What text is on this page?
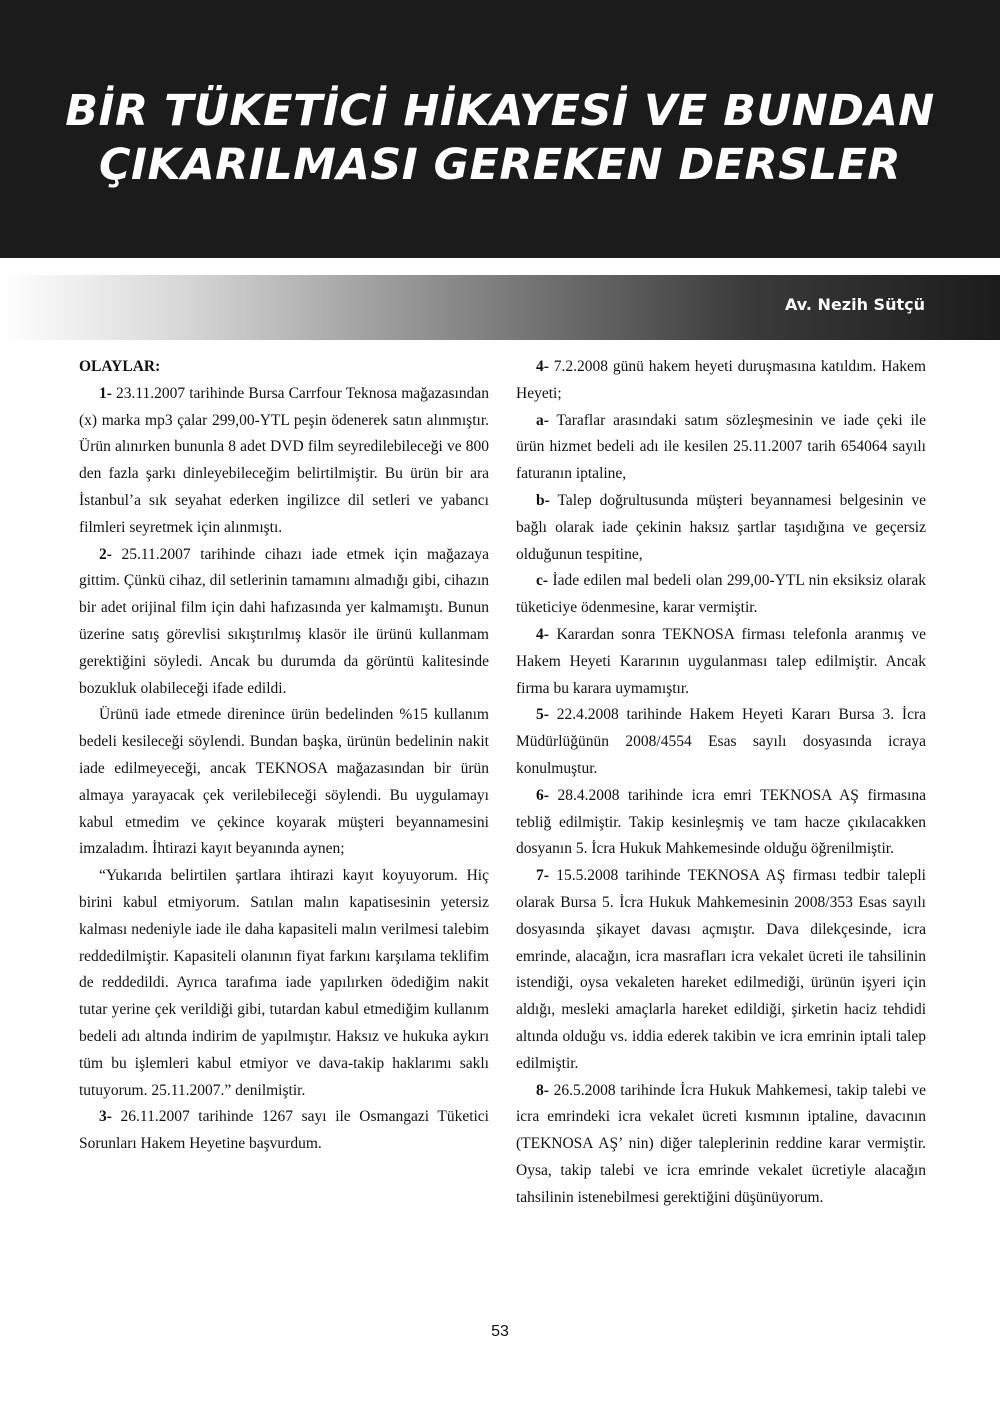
BİR TÜKETİCİ HİKAYESİ VE BUNDAN
ÇIKARILMASI GEREKEN DERSLER
Av. Nezih Sütçü

OLAYLAR:

1- 23.11.2007 tarihinde Bursa Carrfour Teknosa mağazasından (x) marka mp3 çalar 299,00-YTL peşin ödenerek satın alınmıştır. Ürün alınırken bununla 8 adet DVD film seyredilebileceği ve 800 den fazla şarkı dinleyebileceğim belirtilmiştir. Bu ürün bir ara İstanbul’a sık seyahat ederken ingilizce dil setleri ve yabancı filmleri seyretmek için alınmıştı.

2- 25.11.2007 tarihinde cihazı iade etmek için mağazaya gittim. Çünkü cihaz, dil setlerinin tamamını almadığı gibi, cihazın bir adet orijinal film için dahi hafızasında yer kalmamıştı. Bunun üzerine satış görevlisi sıkıştırılmış klasör ile ürünü kullanmam gerektiğini söyledi. Ancak bu durumda da görüntü kalitesinde bozukluk olabileceği ifade edildi.

Ürünü iade etmede direnince ürün bedelinden %15 kullanım bedeli kesileceği söylendi. Bundan başka, ürünün bedelinin nakit iade edilmeyeceği, ancak TEKNOSA mağazasından bir ürün almaya yarayacak çek verilebileceği söylendi. Bu uygulamayı kabul etmedim ve çekince koyarak müşteri beyannamesini imzaladım. İhtirazi kayıt beyanında aynen;

“Yukarıda belirtilen şartlara ihtirazi kayıt koyuyorum. Hiç birini kabul etmiyorum. Satılan malın kapatisesinin yetersiz kalması nedeniyle iade ile daha kapasiteli malın verilmesi talebim reddedilmiştir. Kapasiteli olanının fiyat farkını karşılama teklifim de reddedildi. Ayrıca tarafıma iade yapılırken ödediğim nakit tutar yerine çek verildiği gibi, tutardan kabul etmediğim kullanım bedeli adı altında indirim de yapılmıştır. Haksız ve hukuka aykırı tüm bu işlemleri kabul etmiyor ve dava-takip haklarımı saklı tutuyorum. 25.11.2007.” denilmiştir.

3- 26.11.2007 tarihinde 1267 sayı ile Osmangazi Tüketici Sorunları Hakem Heyetine başvurdum.

4- 7.2.2008 günü hakem heyeti duruşmasına katıldım. Hakem Heyeti;

a- Taraflar arasındaki satım sözleşmesinin ve iade çeki ile ürün hizmet bedeli adı ile kesilen 25.11.2007 tarih 654064 sayılı faturanın iptaline,

b- Talep doğrultusunda müşteri beyannamesi belgesinin ve bağlı olarak iade çekinin haksız şartlar taşıdığına ve geçersiz olduğunun tespitine,

c- İade edilen mal bedeli olan 299,00-YTL nin eksiksiz olarak tüketiciye ödenmesine, karar vermiştir.

4- Karardan sonra TEKNOSA firması telefonla aranmış ve Hakem Heyeti Kararının uygulanması talep edilmiştir. Ancak firma bu karara uymamıştır.

5- 22.4.2008 tarihinde Hakem Heyeti Kararı Bursa 3. İcra Müdürlüğünün 2008/4554 Esas sayılı dosyasında icraya konulmuştur.

6- 28.4.2008 tarihinde icra emri TEKNOSA AŞ firmasına tebliğ edilmiştir. Takip kesinleşmiş ve tam hacze çıkılacakken dosyanın 5. İcra Hukuk Mahkemesinde olduğu öğrenilmiştir.

7- 15.5.2008 tarihinde TEKNOSA AŞ firması tedbir talepli olarak Bursa 5. İcra Hukuk Mahkemesinin 2008/353 Esas sayılı dosyasında şikayet davası açmıştır. Dava dilekçesinde, icra emrinde, alacağın, icra masrafları icra vekalet ücreti ile tahsilinin istendiği, oysa vekaleten hareket edilmediği, ürünün işyeri için aldığı, mesleki amaçlarla hareket edildiği, şirketin haciz tehdidi altında olduğu vs. iddia ederek takibin ve icra emrinin iptali talep edilmiştir.

8- 26.5.2008 tarihinde İcra Hukuk Mahkemesi, takip talebi ve icra emrindeki icra vekalet ücreti kısmının iptaline, davacının (TEKNOSA AŞ’ nin) diğer taleplerinin reddine karar vermiştir. Oysa, takip talebi ve icra emrinde vekalet ücretiyle alacağın tahsilinin istenebilmesi gerektiğini düşünüyorum.

53
